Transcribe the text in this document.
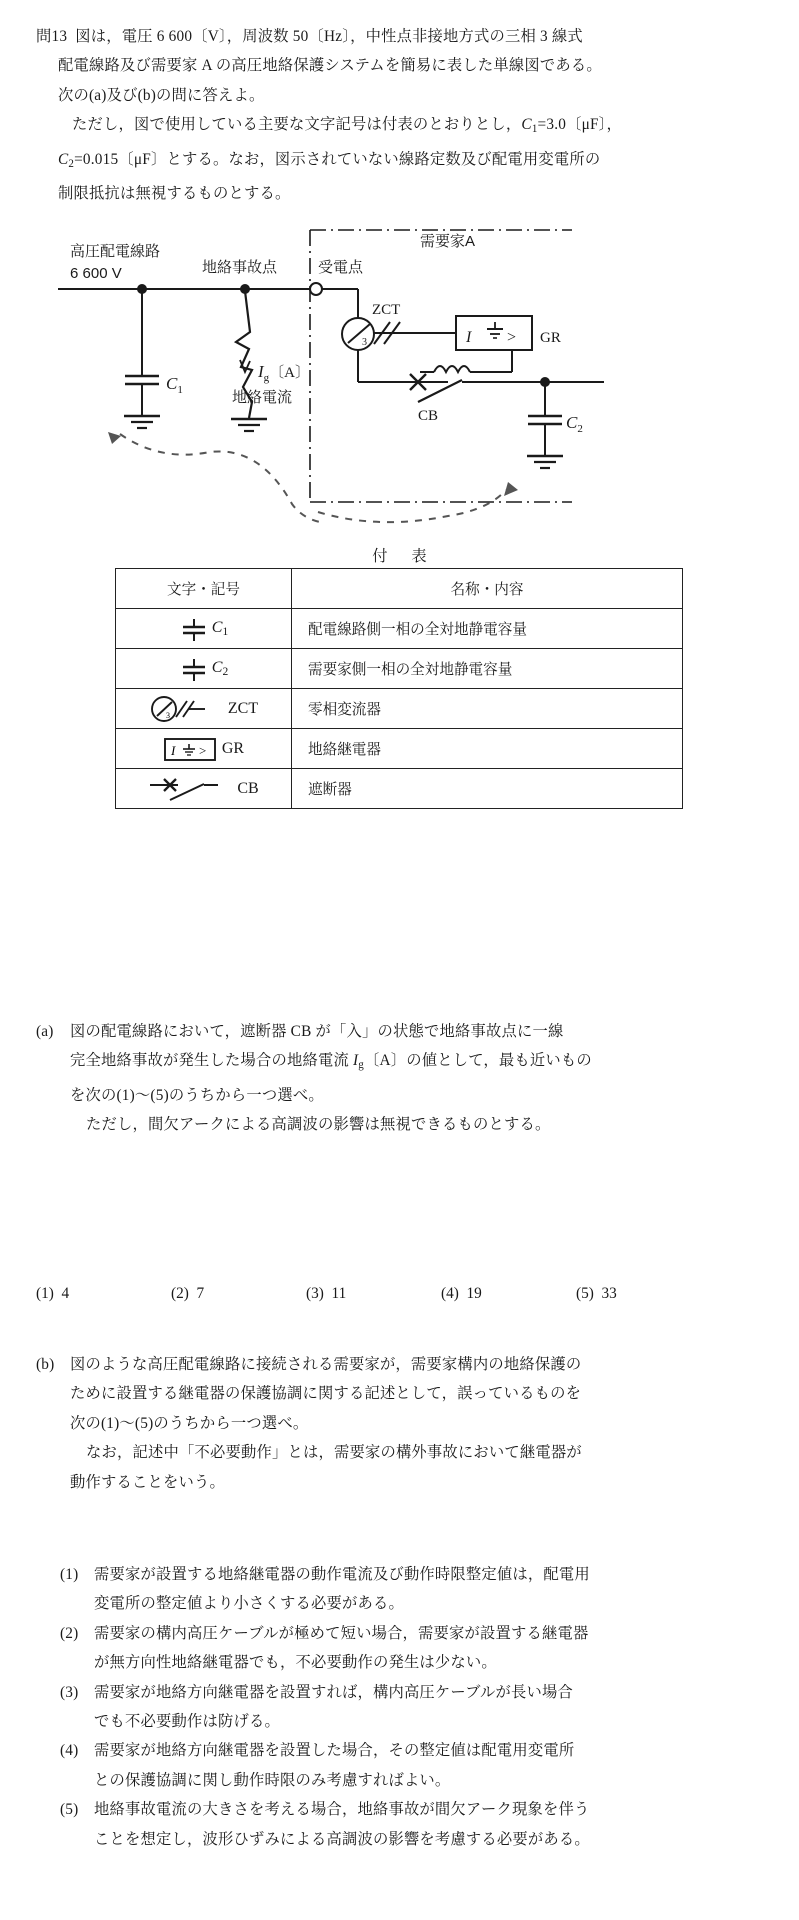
問13 図は，電圧 6 600〔V〕，周波数 50〔Hz〕，中性点非接地方式の三相 3 線式
配電線路及び需要家 A の高圧地絡保護システムを簡易に表した単線図である。
次の(a)及び(b)の問に答えよ。
ただし，図で使用している主要な文字記号は付表のとおりとし，$C_1=3.0$〔μF〕，
$C_2=0.015$〔μF〕とする。なお，図示されていない線路定数及び配電用変電所の
制限抵抗は無視するものとする。
高圧配電線路
6 600 V	地絡事故点	受電点
需要家A
ZCT
GR
CB
$C_1$
$C_2$
$I_g$〔A〕
地絡電流
I >
3
付 表
文字・記号	名称・内容

$C_1$	配電線路側一相の全対地静電容量

$C_2$	需要家側一相の全対地静電容量

3 ZCT	零相変流器

I > GR	地絡継電器

CB	遮断器
(a)	図の配電線路において，遮断器 CB が「入」の状態で地絡事故点に一線
完全地絡事故が発生した場合の地絡電流 $I_g$〔A〕の値として，最も近いもの
を次の(1)～(5)のうちから一つ選べ。
ただし，間欠アークによる高調波の影響は無視できるものとする。
(1) 4	(2) 7	(3) 11	(4) 19	(5) 33
(b)	図のような高圧配電線路に接続される需要家が，需要家構内の地絡保護の
ために設置する継電器の保護協調に関する記述として，誤っているものを
次の(1)～(5)のうちから一つ選べ。
なお，記述中「不必要動作」とは，需要家の構外事故において継電器が
動作することをいう。
(1)	需要家が設置する地絡継電器の動作電流及び動作時限整定値は，配電用
変電所の整定値より小さくする必要がある。
(2)	需要家の構内高圧ケーブルが極めて短い場合，需要家が設置する継電器
が無方向性地絡継電器でも，不必要動作の発生は少ない。
(3)	需要家が地絡方向継電器を設置すれば，構内高圧ケーブルが長い場合
でも不必要動作は防げる。
(4)	需要家が地絡方向継電器を設置した場合，その整定値は配電用変電所
との保護協調に関し動作時限のみ考慮すればよい。
(5)	地絡事故電流の大きさを考える場合，地絡事故が間欠アーク現象を伴う
ことを想定し，波形ひずみによる高調波の影響を考慮する必要がある。
